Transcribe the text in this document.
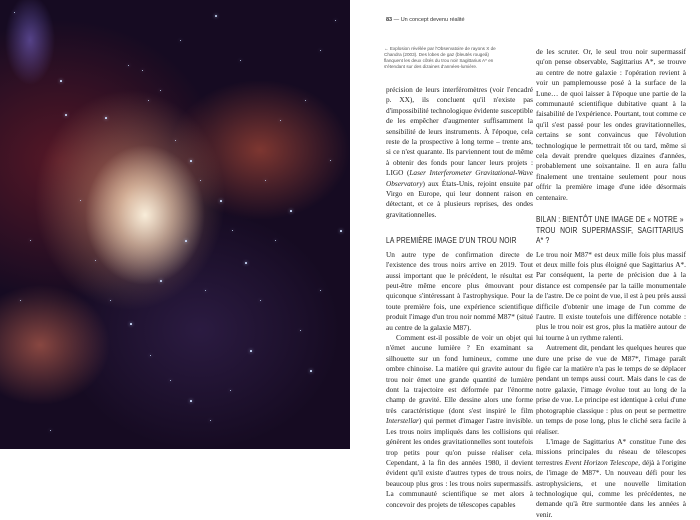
83 — Un concept devenu réalité
← Explosion révélée par l'Observatoire de rayons X de Chandra (2003). Des lobes de gaz (bleutés rougeâ) flanquent les deux côtés du trou noir Sagittarius A* en s'étendant sur des dizaines d'années-lumière.

précision de leurs interféromètres (voir l'encadré p. XX), ils concluent qu'il n'existe pas d'impossibilité technologique évidente susceptible de les empêcher d'augmenter suffisamment la sensibilité de leurs instruments. À l'époque, cela reste de la prospective à long terme – trente ans, si ce n'est quarante. Ils parviennent tout de même à obtenir des fonds pour lancer leurs projets : LIGO (Laser Interferometer Gravitational-Wave Observatory) aux États-Unis, rejoint ensuite par Virgo en Europe, qui leur donnent raison en détectant, et ce à plusieurs reprises, des ondes gravitationnelles.

LA PREMIÈRE IMAGE D'UN TROU NOIR

Un autre type de confirmation directe de l'existence des trous noirs arrive en 2019. Tout aussi important que le précédent, le résultat est peut-être même encore plus émouvant pour quiconque s'intéressant à l'astrophysique. Pour la toute première fois, une expérience scientifique produit l'image d'un trou noir nommé M87* (situé au centre de la galaxie M87).

Comment est-il possible de voir un objet qui n'émet aucune lumière ? En examinant sa silhouette sur un fond lumineux, comme une ombre chinoise. La matière qui gravite autour du trou noir émet une grande quantité de lumière dont la trajectoire est déformée par l'énorme champ de gravité. Elle dessine alors une forme très caractéristique (dont s'est inspiré le film Interstellar) qui permet d'imager l'astre invisible. Les trous noirs impliqués dans les collisions qui génèrent les ondes gravitationnelles sont toutefois trop petits pour qu'on puisse réaliser cela. Cependant, à la fin des années 1980, il devient évident qu'il existe d'autres types de trous noirs, beaucoup plus gros : les trous noirs supermassifs. La communauté scientifique se met alors à concevoir des projets de télescopes capables

de les scruter. Or, le seul trou noir supermassif qu'on pense observable, Sagittarius A*, se trouve au centre de notre galaxie : l'opération revient à voir un pamplemousse posé à la surface de la Lune… de quoi laisser à l'époque une partie de la communauté scientifique dubitative quant à la faisabilité de l'expérience. Pourtant, tout comme ce qu'il s'est passé pour les ondes gravitationnelles, certains se sont convaincus que l'évolution technologique le permettrait tôt ou tard, même si cela devait prendre quelques dizaines d'années, probablement une soixantaine. Il en aura fallu finalement une trentaine seulement pour nous offrir la première image d'une idée désormais centenaire.

BILAN : BIENTÔT UNE IMAGE DE « NOTRE » TROU NOIR SUPERMASSIF, SAGITTARIUS A* ?

Le trou noir M87* est deux mille fois plus massif et deux mille fois plus éloigné que Sagittarius A*. Par conséquent, la perte de précision due à la distance est compensée par la taille monumentale de l'astre. De ce point de vue, il est à peu près aussi difficile d'obtenir une image de l'un comme de l'autre. Il existe toutefois une différence notable : plus le trou noir est gros, plus la matière autour de lui tourne à un rythme ralenti.

Autrement dit, pendant les quelques heures que dure une prise de vue de M87*, l'image paraît figée car la matière n'a pas le temps de se déplacer pendant un temps aussi court. Mais dans le cas de notre galaxie, l'image évolue tout au long de la prise de vue. Le principe est identique à celui d'une photographie classique : plus on peut se permettre un temps de pose long, plus le cliché sera facile à réaliser.

L'image de Sagittarius A* constitue l'une des missions principales du réseau de télescopes terrestres Event Horizon Telescope, déjà à l'origine de l'image de M87*. Un nouveau défi pour les astrophysiciens, et une nouvelle limitation technologique qui, comme les précédentes, ne demande qu'à être surmontée dans les années à venir.
